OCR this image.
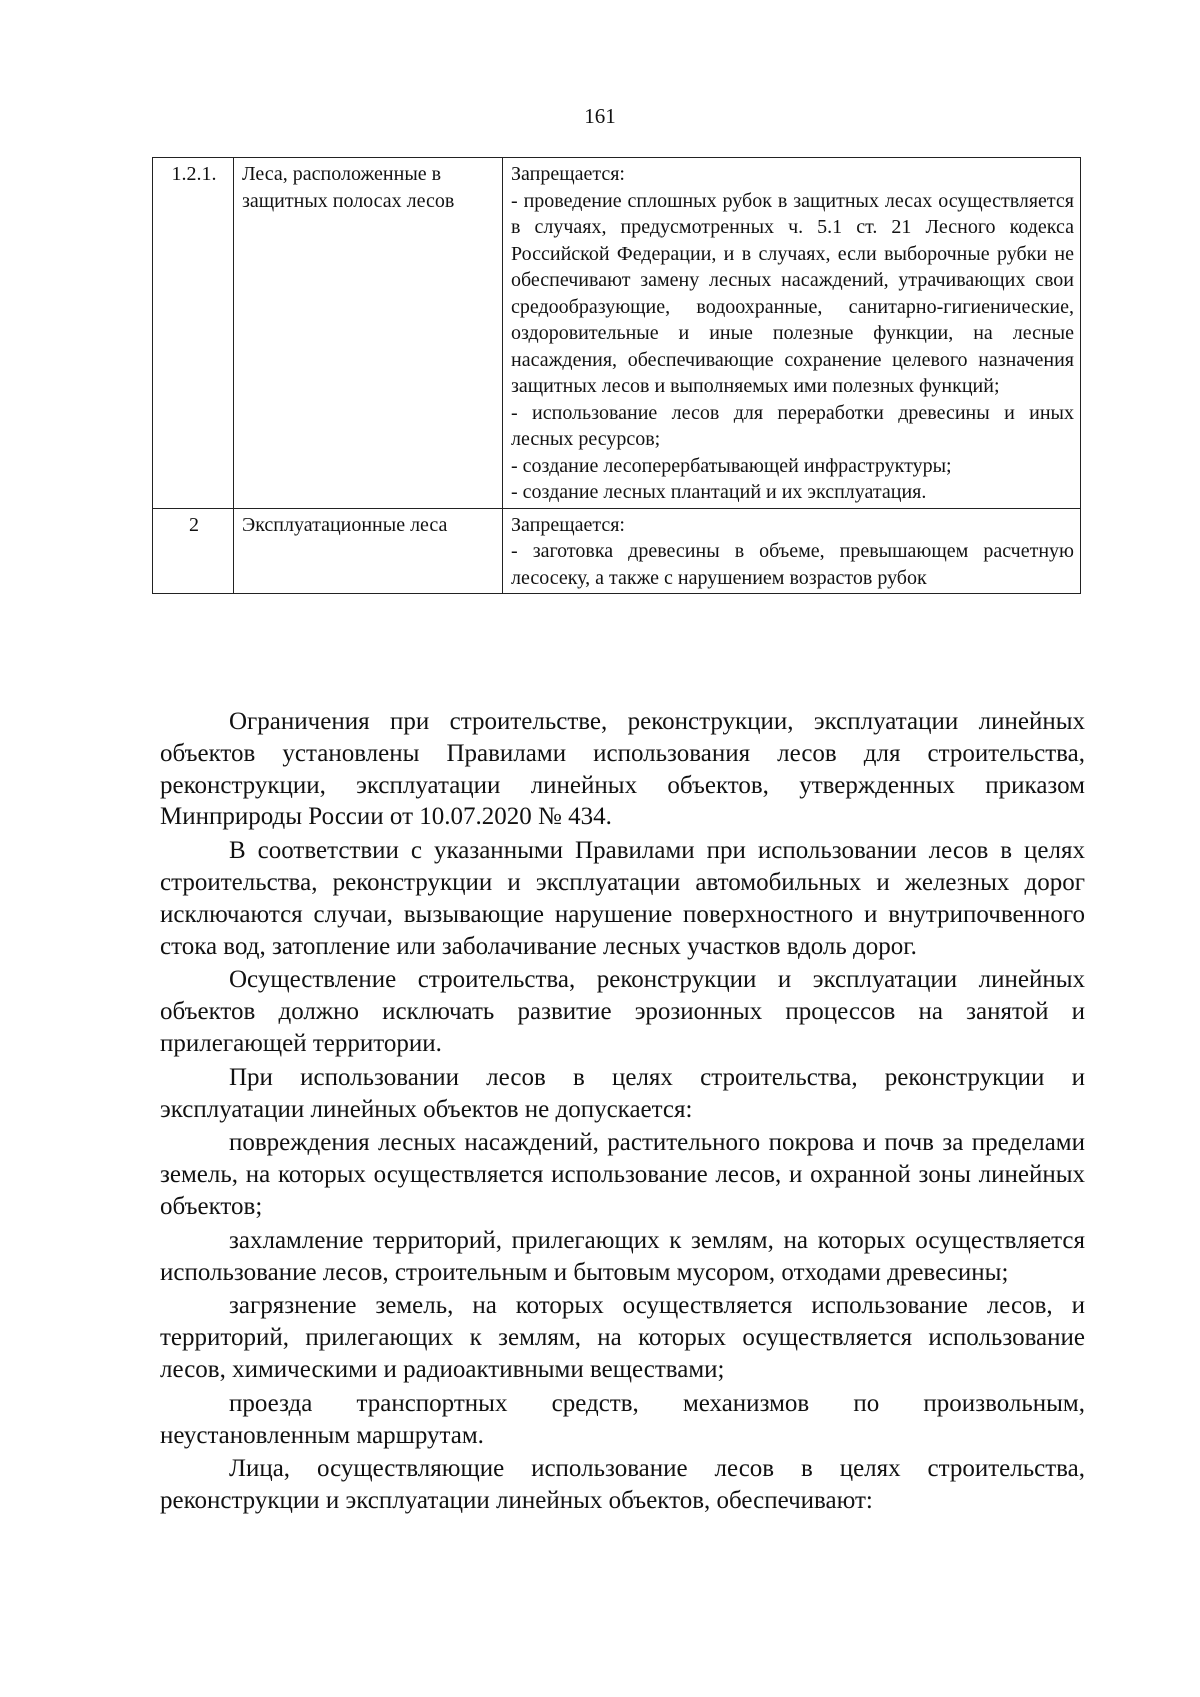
161
1.2.1.	Леса, расположенные в защитных полосах лесов	Запрещается:
- проведение сплошных рубок в защитных лесах осуществляется в случаях, предусмотренных ч. 5.1 ст. 21 Лесного кодекса Российской Федерации, и в случаях, если выборочные рубки не обеспечивают замену лесных насаждений, утрачивающих свои средообразующие, водоохранные, санитарно-гигиенические, оздоровительные и иные полезные функции, на лесные насаждения, обеспечивающие сохранение целевого назначения защитных лесов и выполняемых ими полезных функций;
- использование лесов для переработки древесины и иных лесных ресурсов;
- создание лесоперербатывающей инфраструктуры;
- создание лесных плантаций и их эксплуатация.

2	Эксплуатационные леса	Запрещается:
- заготовка древесины в объеме, превышающем расчетную лесосеку, а также с нарушением возрастов рубок

Ограничения при строительстве, реконструкции, эксплуатации линейных объектов установлены Правилами использования лесов для строительства, реконструкции, эксплуатации линейных объектов, утвержденных приказом Минприроды России от 10.07.2020 № 434.

В соответствии с указанными Правилами при использовании лесов в целях строительства, реконструкции и эксплуатации автомобильных и железных дорог исключаются случаи, вызывающие нарушение поверхностного и внутрипочвенного стока вод, затопление или заболачивание лесных участков вдоль дорог.

Осуществление строительства, реконструкции и эксплуатации линейных объектов должно исключать развитие эрозионных процессов на занятой и прилегающей территории.

При использовании лесов в целях строительства, реконструкции и эксплуатации линейных объектов не допускается:

повреждения лесных насаждений, растительного покрова и почв за пределами земель, на которых осуществляется использование лесов, и охранной зоны линейных объектов;

захламление территорий, прилегающих к землям, на которых осуществляется использование лесов, строительным и бытовым мусором, отходами древесины;

загрязнение земель, на которых осуществляется использование лесов, и территорий, прилегающих к землям, на которых осуществляется использование лесов, химическими и радиоактивными веществами;

проезда транспортных средств, механизмов по произвольным, неустановленным маршрутам.

Лица, осуществляющие использование лесов в целях строительства, реконструкции и эксплуатации линейных объектов, обеспечивают:
